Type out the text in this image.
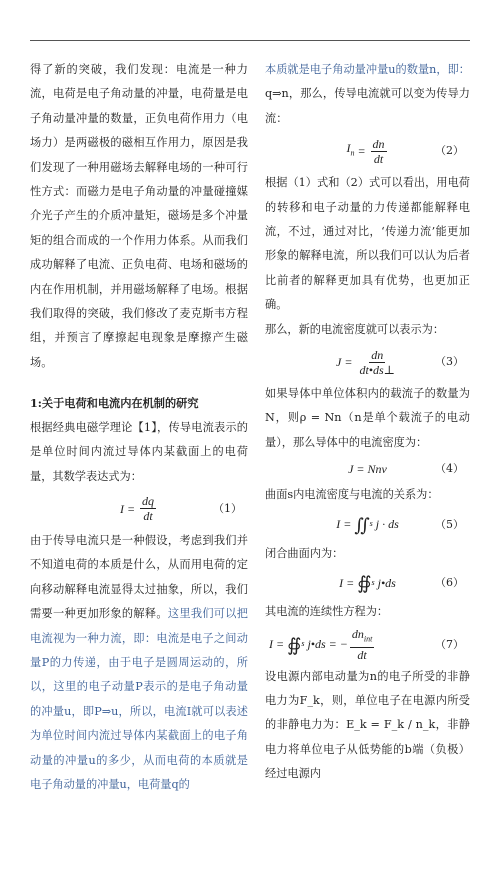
得了新的突破，我们发现：电流是一种力流，电荷是电子角动量的冲量，电荷量是电子角动量冲量的数量，正负电荷作用力（电场力）是两磁极的磁相互作用力，原因是我们发现了一种用磁场去解释电场的一种可行性方式：而磁力是电子角动量的冲量碰撞媒介光子产生的介质冲量矩，磁场是多个冲量矩的组合而成的一个作用力体系。从而我们成功解释了电流、正负电荷、电场和磁场的内在作用机制，并用磁场解释了电场。根据我们取得的突破，我们修改了麦克斯韦方程组，并预言了摩擦起电现象是摩擦产生磁场。

1:关于电荷和电流内在机制的研究

根据经典电磁学理论【1】，传导电流表示的是单位时间内流过导体内某截面上的电荷量，其数学表达式为：

$I = \frac{dq}{dt}$	（1）

由于传导电流只是一种假设，考虑到我们并不知道电荷的本质是什么，从而用电荷的定向移动解释电流显得太过抽象，所以，我们需要一种更加形象的解释。这里我们可以把电流视为一种力流，即：电流是电子之间动量P的力传递，由于电子是圆周运动的，所以，这里的电子动量P表示的是电子角动量的冲量u，即P⇒u，所以，电流I就可以表述为单位时间内流过导体内某截面上的电子角动量的冲量u的多少，从而电荷的本质就是电子角动量的冲量u，电荷量q的

本质就是电子角动量冲量u的数量n，即：q⇒n，那么，传导电流就可以变为传导力流：

$I_n = \frac{dn}{dt}$	（2）

根据（1）式和（2）式可以看出，用电荷的转移和电子动量的力传递都能解释电流，不过，通过对比，‘传递力流’能更加形象的解释电流，所以我们可以认为后者比前者的解释更加具有优势，也更加正确。

那么，新的电流密度就可以表示为：

$J = \frac{dn}{dt•ds\perp}$	（3）

如果导体中单位体积内的载流子的数量为N，则ρ = Nn（n是单个载流子的电动量），那么导体中的电流密度为：

J = Nnv	（4）

曲面s内电流密度与电流的关系为：

I = ∬ s j · ds	（5）

闭合曲面内为：

I = ∯ s j•ds	（6）

其电流的连续性方程为：

I = ∯ s j•ds = − $\frac{dn_{int}}{dt}$	（7）

设电源内部电动量为n的电子所受的非静电力为F_k，则，单位电子在电源内所受的非静电力为：E_k = F_k / n_k，非静电力将单位电子从低势能的b端（负极）经过电源内
